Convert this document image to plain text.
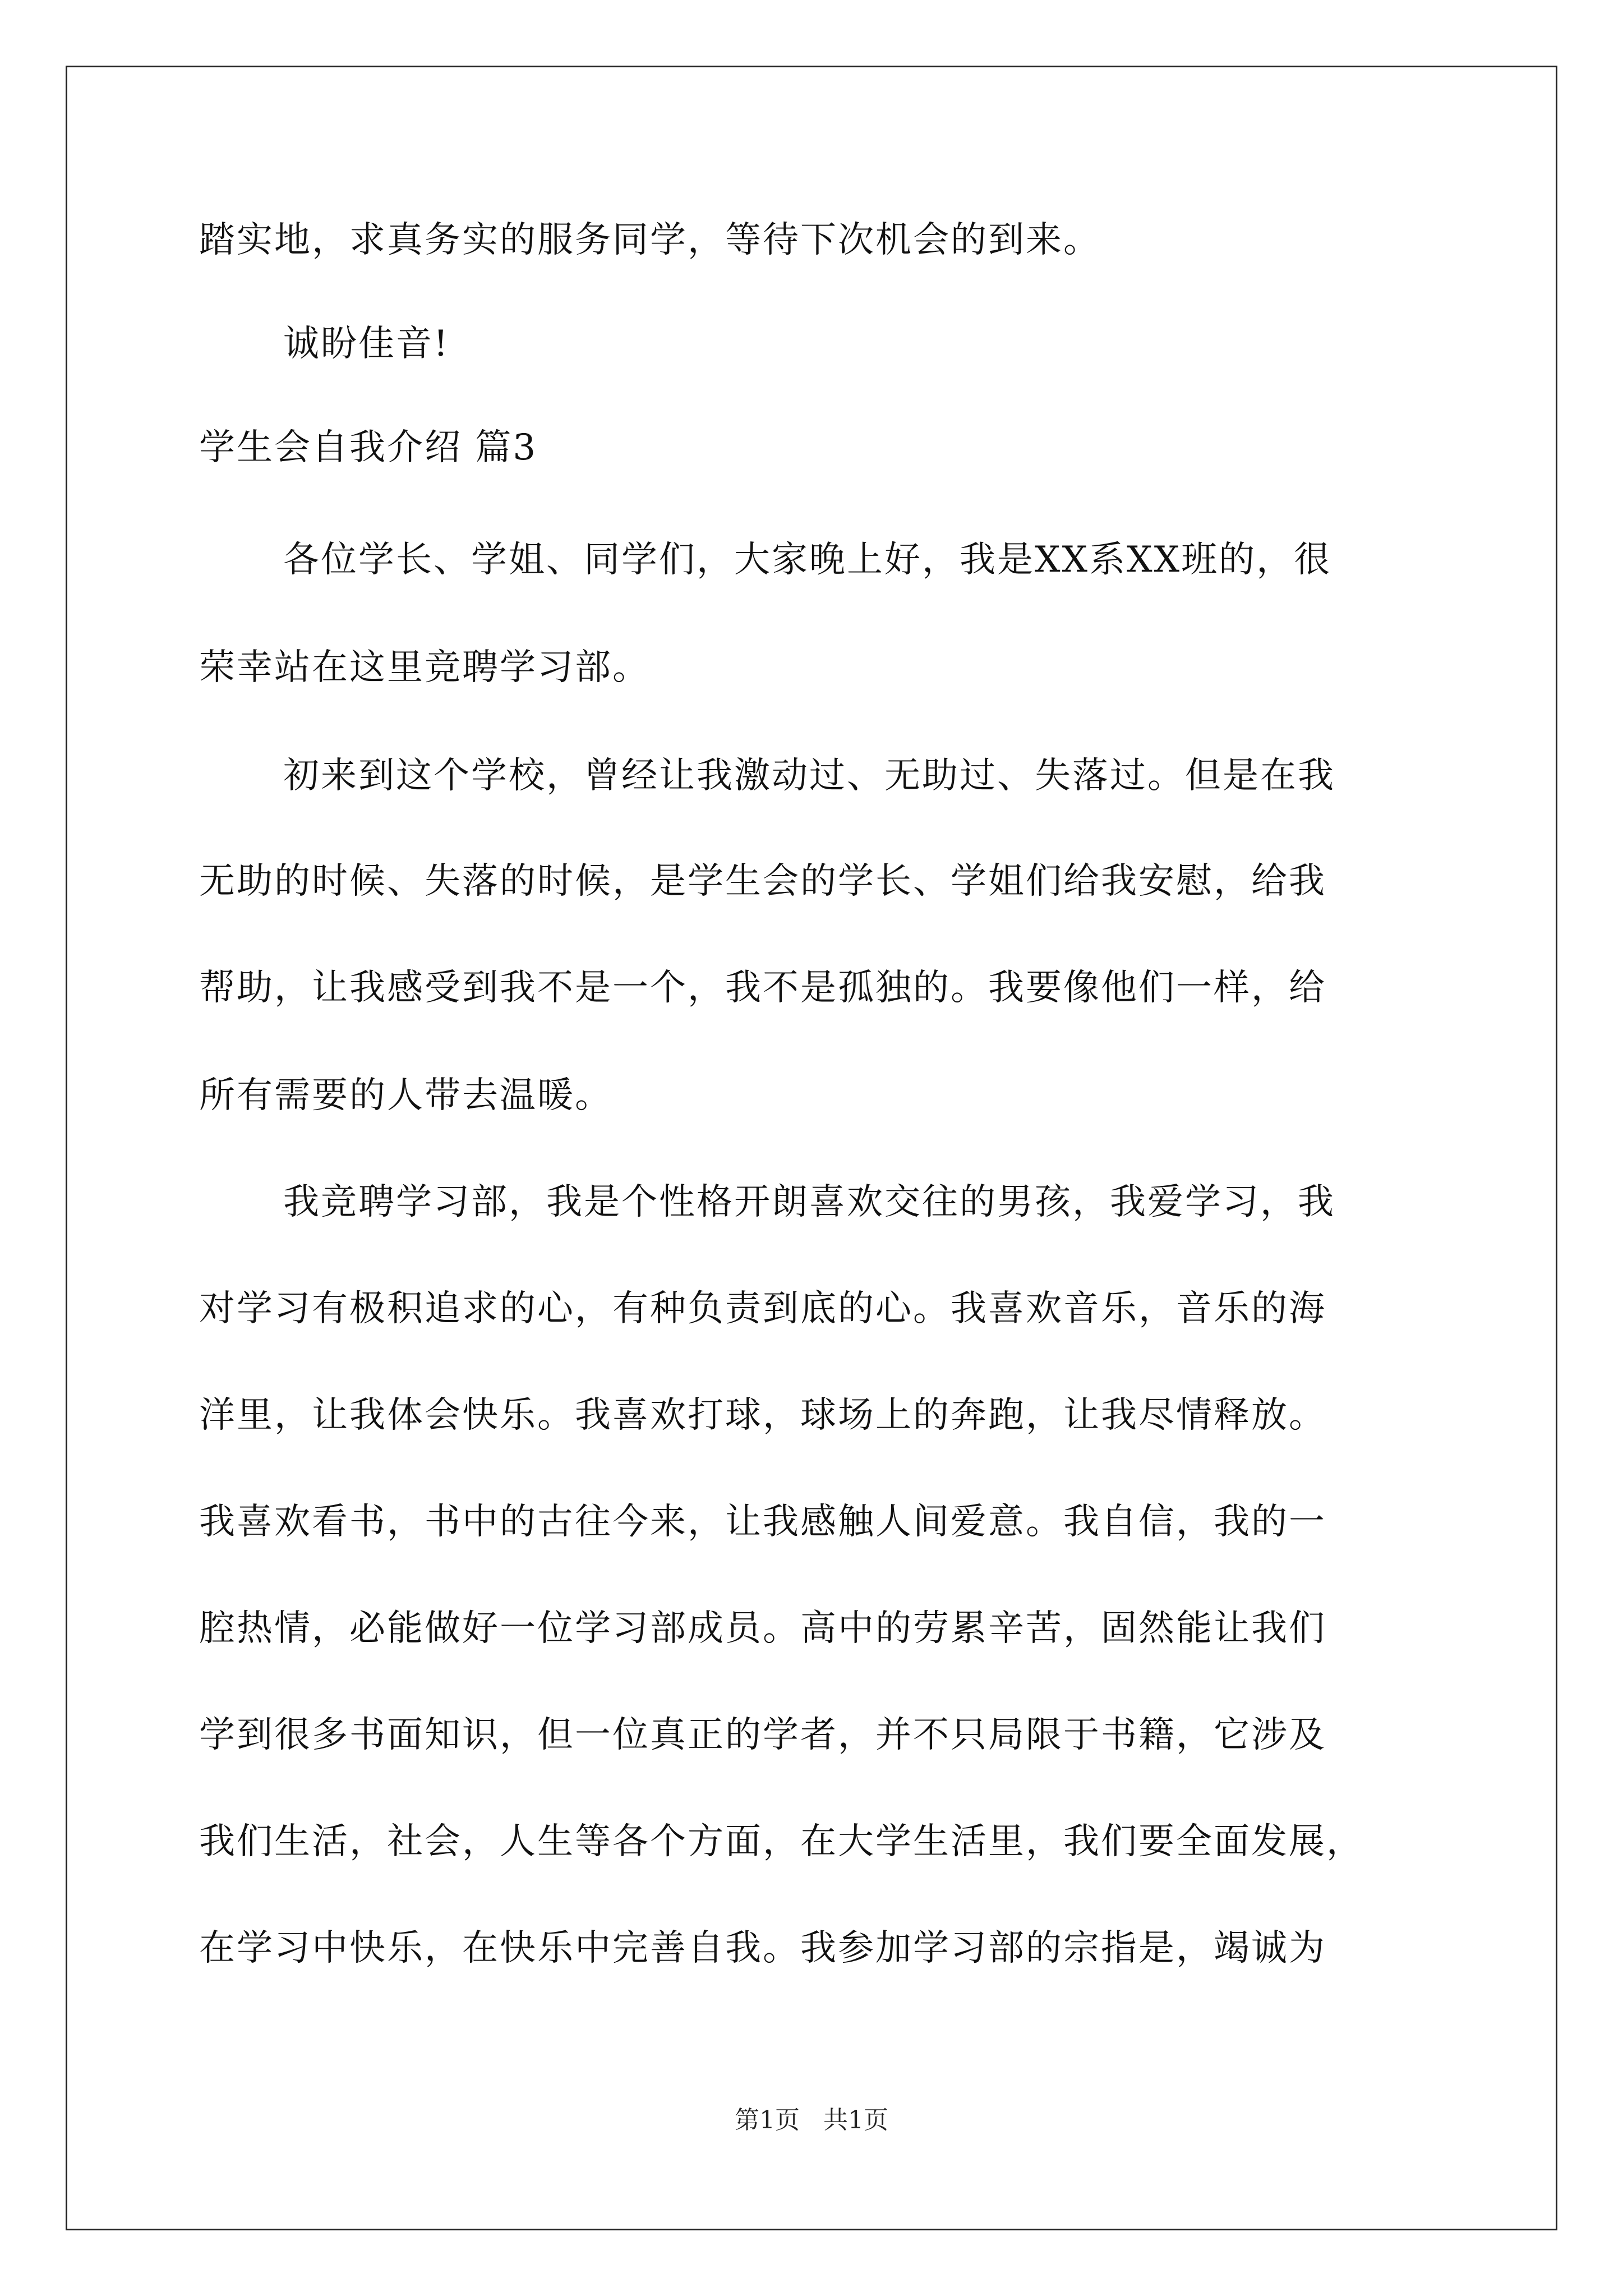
踏实地，求真务实的服务同学，等待下次机会的到来。
诚盼佳音!
学生会自我介绍 篇3
各位学长、学姐、同学们，大家晚上好，我是XX系XX班的，很
荣幸站在这里竞聘学习部。
初来到这个学校，曾经让我激动过、无助过、失落过。但是在我
无助的时候、失落的时候，是学生会的学长、学姐们给我安慰，给我
帮助，让我感受到我不是一个，我不是孤独的。我要像他们一样，给
所有需要的人带去温暖。
我竞聘学习部，我是个性格开朗喜欢交往的男孩，我爱学习，我
对学习有极积追求的心，有种负责到底的心。我喜欢音乐，音乐的海
洋里，让我体会快乐。我喜欢打球，球场上的奔跑，让我尽情释放。
我喜欢看书，书中的古往今来，让我感触人间爱意。我自信，我的一
腔热情，必能做好一位学习部成员。高中的劳累辛苦，固然能让我们
学到很多书面知识，但一位真正的学者，并不只局限于书籍，它涉及
我们生活，社会，人生等各个方面，在大学生活里，我们要全面发展，
在学习中快乐，在快乐中完善自我。我参加学习部的宗指是，竭诚为
第1页 共1页
